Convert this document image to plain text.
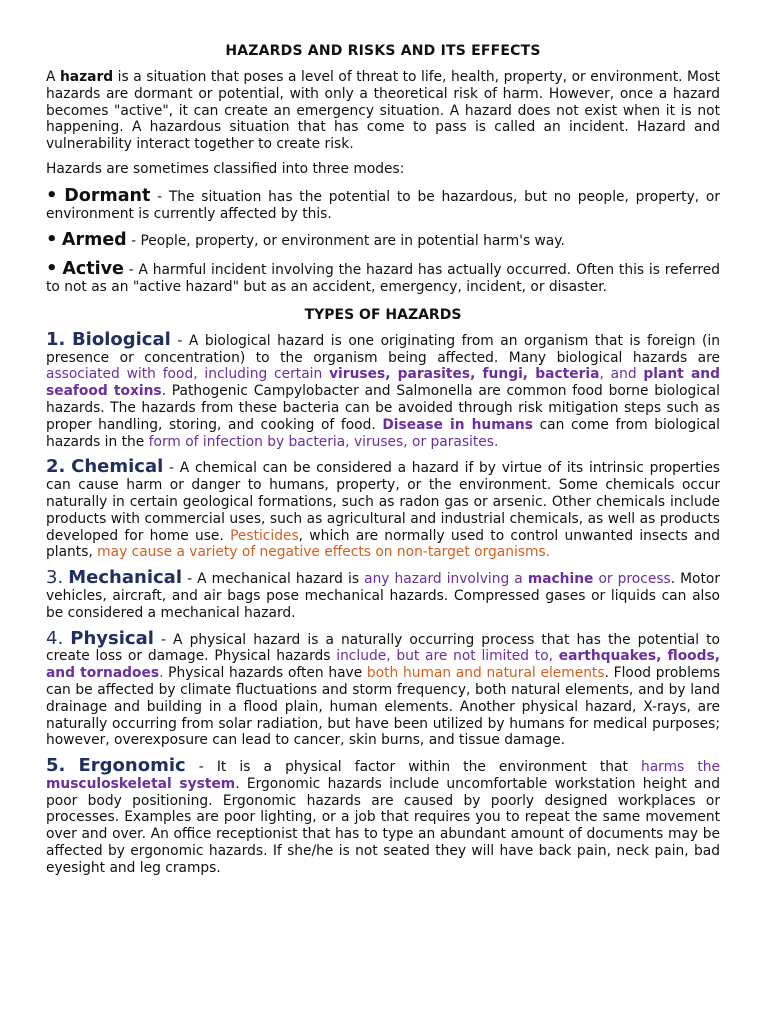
HAZARDS AND RISKS AND ITS EFFECTS

A hazard is a situation that poses a level of threat to life, health, property, or environment. Most hazards are dormant or potential, with only a theoretical risk of harm. However, once a hazard becomes "active", it can create an emergency situation. A hazard does not exist when it is not happening. A hazardous situation that has come to pass is called an incident. Hazard and vulnerability interact together to create risk.

Hazards are sometimes classified into three modes:

• Dormant - The situation has the potential to be hazardous, but no people, property, or environment is currently affected by this.
• Armed - People, property, or environment are in potential harm's way.
• Active - A harmful incident involving the hazard has actually occurred. Often this is referred to not as an "active hazard" but as an accident, emergency, incident, or disaster.
TYPES OF HAZARDS

1. Biological - A biological hazard is one originating from an organism that is foreign (in presence or concentration) to the organism being affected. Many biological hazards are associated with food, including certain viruses, parasites, fungi, bacteria, and plant and seafood toxins. Pathogenic Campylobacter and Salmonella are common food borne biological hazards. The hazards from these bacteria can be avoided through risk mitigation steps such as proper handling, storing, and cooking of food. Disease in humans can come from biological hazards in the form of infection by bacteria, viruses, or parasites.

2. Chemical - A chemical can be considered a hazard if by virtue of its intrinsic properties can cause harm or danger to humans, property, or the environment. Some chemicals occur naturally in certain geological formations, such as radon gas or arsenic. Other chemicals include products with commercial uses, such as agricultural and industrial chemicals, as well as products developed for home use. Pesticides, which are normally used to control unwanted insects and plants, may cause a variety of negative effects on non-target organisms.

3. Mechanical - A mechanical hazard is any hazard involving a machine or process. Motor vehicles, aircraft, and air bags pose mechanical hazards. Compressed gases or liquids can also be considered a mechanical hazard.

4. Physical - A physical hazard is a naturally occurring process that has the potential to create loss or damage. Physical hazards include, but are not limited to, earthquakes, floods, and tornadoes. Physical hazards often have both human and natural elements. Flood problems can be affected by climate fluctuations and storm frequency, both natural elements, and by land drainage and building in a flood plain, human elements. Another physical hazard, X-rays, are naturally occurring from solar radiation, but have been utilized by humans for medical purposes; however, overexposure can lead to cancer, skin burns, and tissue damage.

5. Ergonomic - It is a physical factor within the environment that harms the musculoskeletal system. Ergonomic hazards include uncomfortable workstation height and poor body positioning. Ergonomic hazards are caused by poorly designed workplaces or processes. Examples are poor lighting, or a job that requires you to repeat the same movement over and over. An office receptionist that has to type an abundant amount of documents may be affected by ergonomic hazards. If she/he is not seated they will have back pain, neck pain, bad eyesight and leg cramps.
